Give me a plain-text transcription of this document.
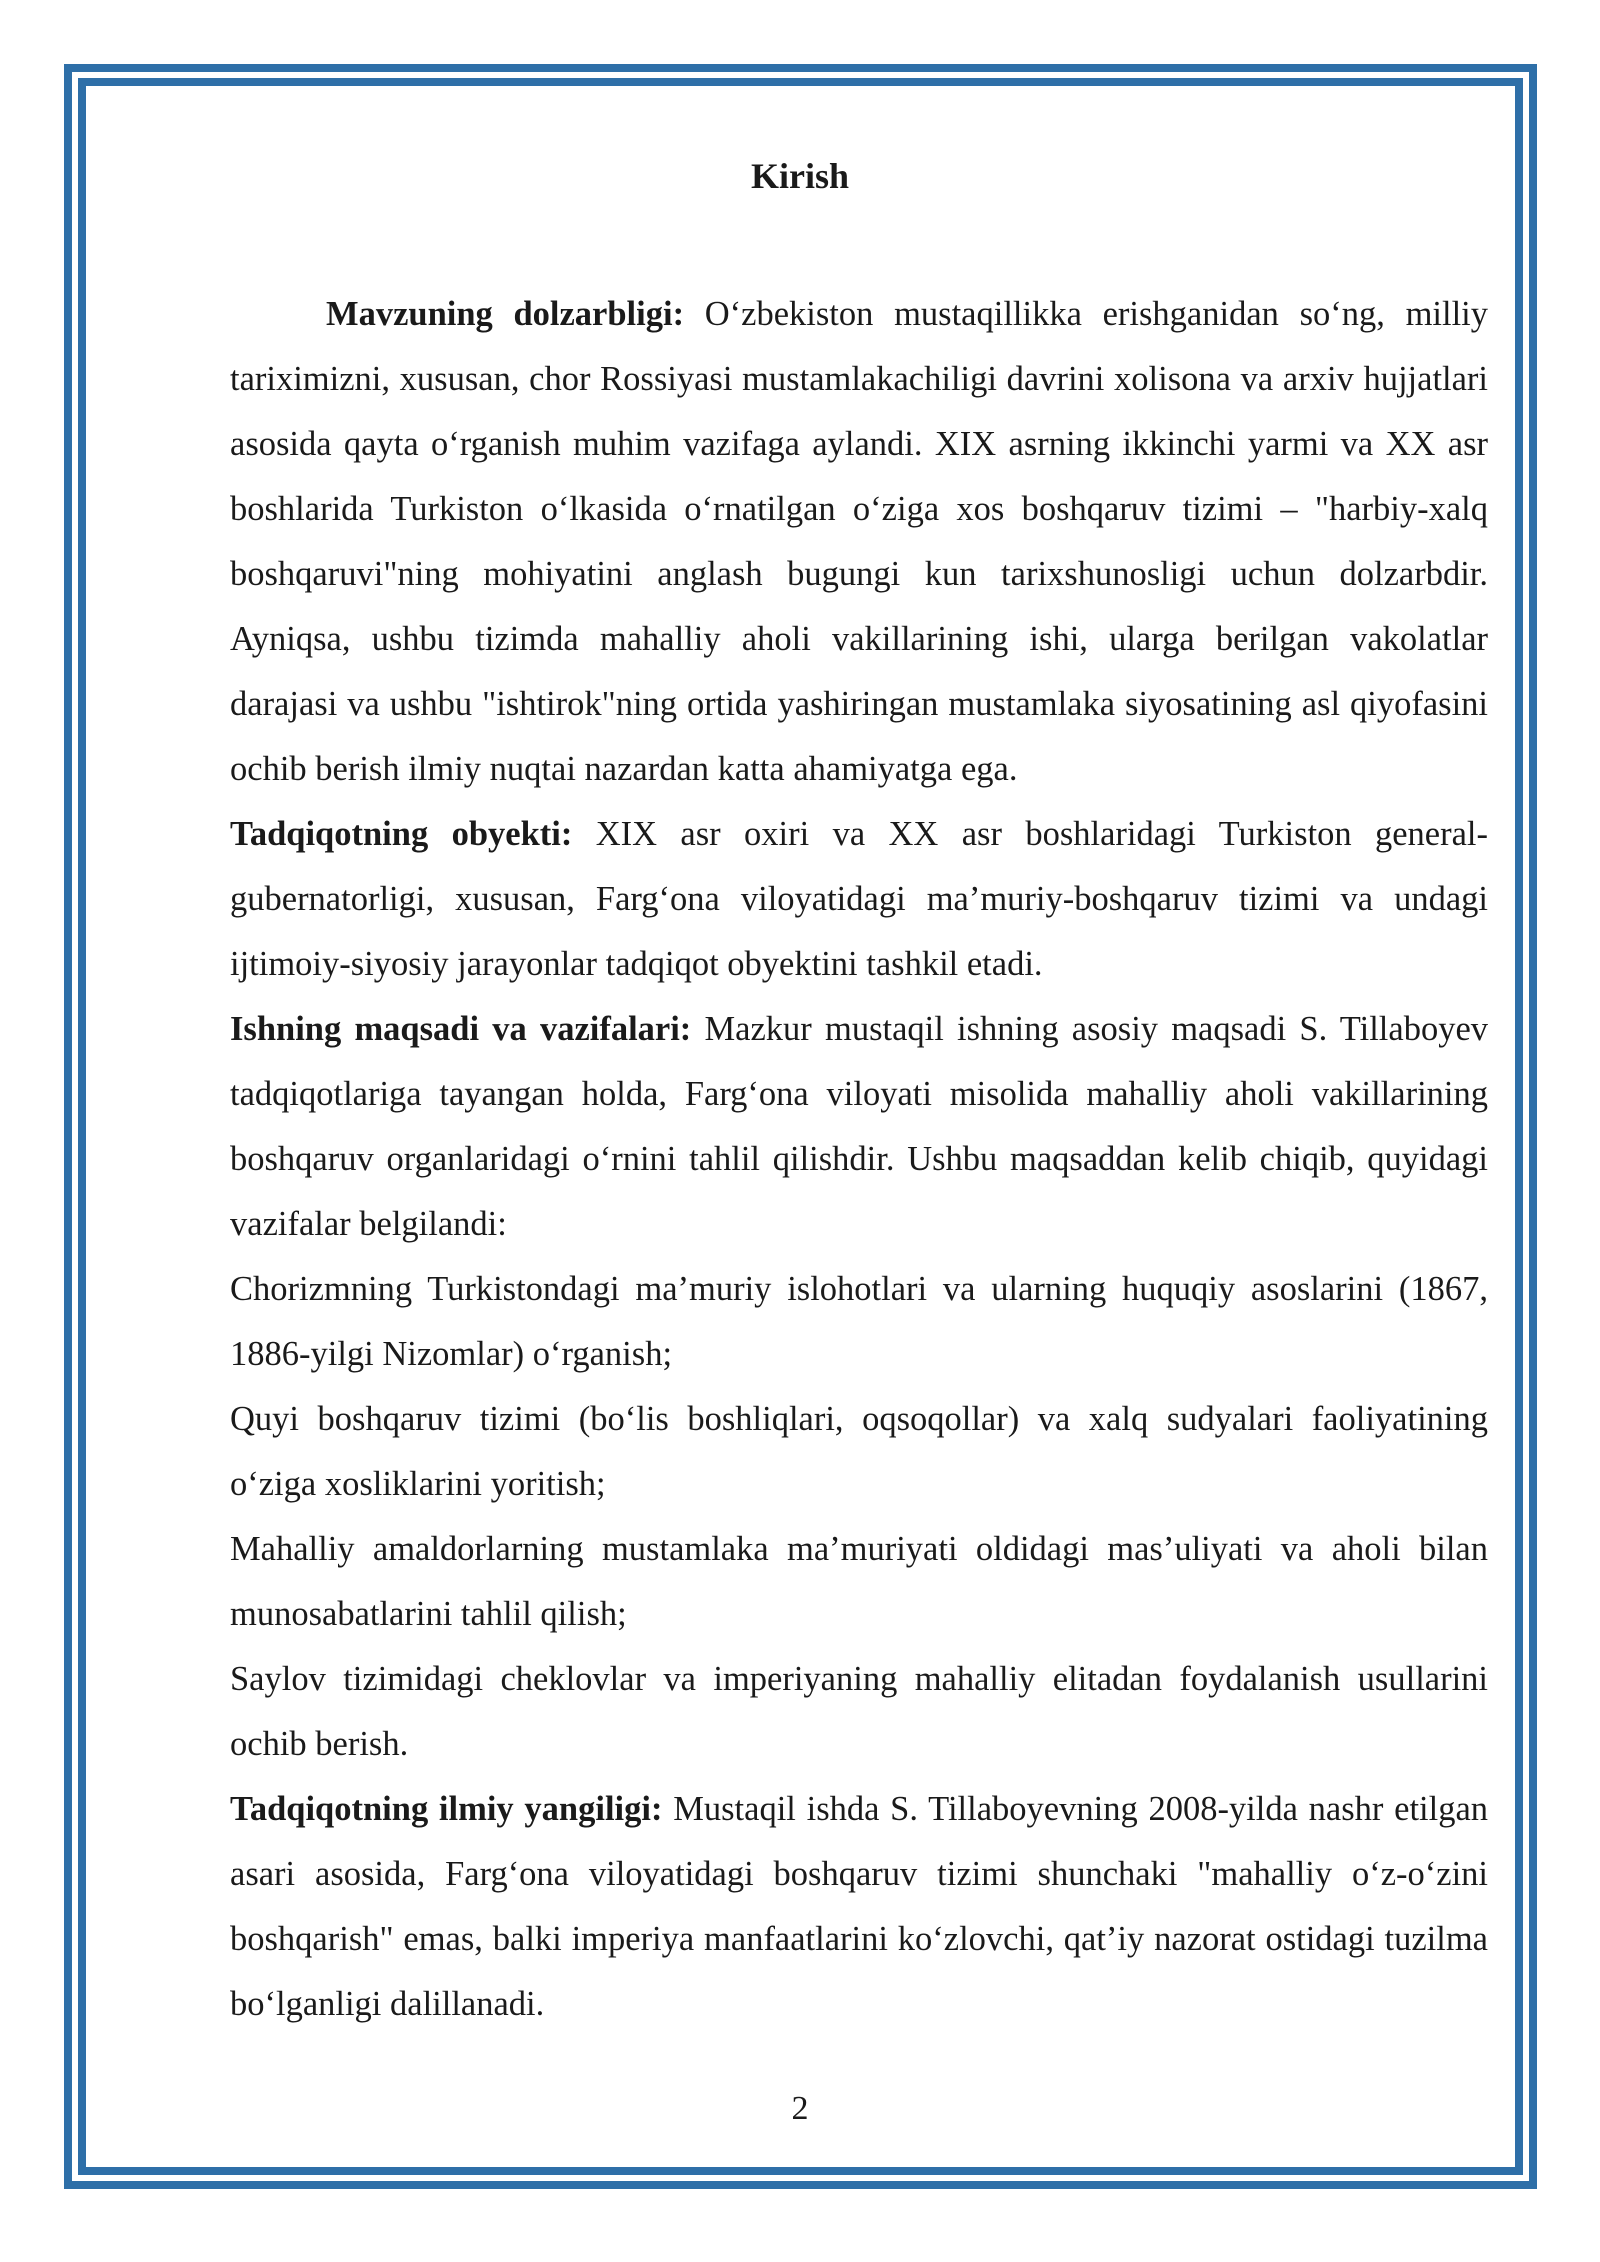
Kirish

Mavzuning dolzarbligi: O‘zbekiston mustaqillikka erishganidan so‘ng, milliy tariximizni, xususan, chor Rossiyasi mustamlakachiligi davrini xolisona va arxiv hujjatlari asosida qayta o‘rganish muhim vazifaga aylandi. XIX asrning ikkinchi yarmi va XX asr boshlarida Turkiston o‘lkasida o‘rnatilgan o‘ziga xos boshqaruv tizimi – "harbiy-xalq boshqaruvi"ning mohiyatini anglash bugungi kun tarixshunosligi uchun dolzarbdir. Ayniqsa, ushbu tizimda mahalliy aholi vakillarining ishi, ularga berilgan vakolatlar darajasi va ushbu "ishtirok"ning ortida yashiringan mustamlaka siyosatining asl qiyofasini ochib berish ilmiy nuqtai nazardan katta ahamiyatga ega.

Tadqiqotning obyekti: XIX asr oxiri va XX asr boshlaridagi Turkiston general-gubernatorligi, xususan, Farg‘ona viloyatidagi ma’muriy-boshqaruv tizimi va undagi ijtimoiy-siyosiy jarayonlar tadqiqot obyektini tashkil etadi.

Ishning maqsadi va vazifalari: Mazkur mustaqil ishning asosiy maqsadi S. Tillaboyev tadqiqotlariga tayangan holda, Farg‘ona viloyati misolida mahalliy aholi vakillarining boshqaruv organlaridagi o‘rnini tahlil qilishdir. Ushbu maqsaddan kelib chiqib, quyidagi vazifalar belgilandi:

Chorizmning Turkistondagi ma’muriy islohotlari va ularning huquqiy asoslarini (1867, 1886-yilgi Nizomlar) o‘rganish;

Quyi boshqaruv tizimi (bo‘lis boshliqlari, oqsoqollar) va xalq sudyalari faoliyatining o‘ziga xosliklarini yoritish;

Mahalliy amaldorlarning mustamlaka ma’muriyati oldidagi mas’uliyati va aholi bilan munosabatlarini tahlil qilish;

Saylov tizimidagi cheklovlar va imperiyaning mahalliy elitadan foydalanish usullarini ochib berish.

Tadqiqotning ilmiy yangiligi: Mustaqil ishda S. Tillaboyevning 2008-yilda nashr etilgan asari asosida, Farg‘ona viloyatidagi boshqaruv tizimi shunchaki "mahalliy o‘z-o‘zini boshqarish" emas, balki imperiya manfaatlarini ko‘zlovchi, qat’iy nazorat ostidagi tuzilma bo‘lganligi dalillanadi.

2
